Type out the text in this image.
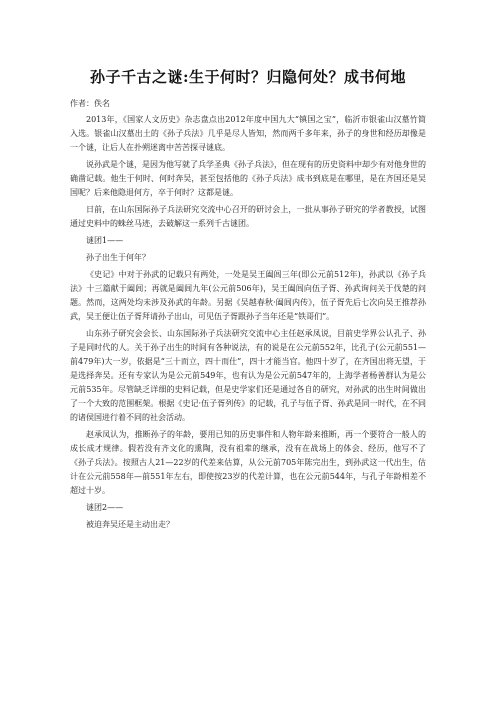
孙子千古之谜:生于何时？归隐何处？成书何地
作者：佚名

2013年，《国家人文历史》杂志盘点出2012年度中国九大“镇国之宝”，临沂市银雀山汉墓竹简入选。银雀山汉墓出土的《孙子兵法》几乎是尽人皆知，然而两千多年来，孙子的身世和经历却像是一个谜，让后人在扑朔迷离中苦苦探寻谜底。

说孙武是个谜，是因为他写就了兵学圣典《孙子兵法》，但在现有的历史资料中却少有对他身世的确凿记载。他生于何时、何时奔吴，甚至包括他的《孙子兵法》成书到底是在哪里，是在齐国还是吴国呢？后来他隐退何方，卒于何时？这都是谜。

日前，在山东国际孙子兵法研究交流中心召开的研讨会上，一批从事孙子研究的学者教授，试图通过史料中的蛛丝马迹，去破解这一系列千古谜团。

谜团1——

孙子出生于何年？

《史记》中对于孙武的记载只有两处，一处是吴王阖闾三年(即公元前512年)，孙武以《孙子兵法》十三篇献于阖闾；再就是阖闾九年(公元前506年)，吴王阖闾向伍子胥、孙武询问关于伐楚的问题。然而，这两处均未涉及孙武的年龄。另据《吴越春秋·阖闾内传》，伍子胥先后七次向吴王推荐孙武，吴王便让伍子胥拜请孙子出山，可见伍子胥跟孙子当年还是“铁哥们”。

山东孙子研究会会长、山东国际孙子兵法研究交流中心主任赵承凤说，目前史学界公认孔子、孙子是同时代的人。关于孙子出生的时间有各种说法，有的说是在公元前552年，比孔子(公元前551—前479年)大一岁，依据是“三十而立，四十而仕”，四十才能当官。他四十岁了，在齐国出将无望，于是选择奔吴。还有专家认为是公元前549年，也有认为是公元前547年的，上海学者杨善群认为是公元前535年。尽管缺乏详细的史料记载，但是史学家们还是通过各自的研究，对孙武的出生时间做出了一个大致的范围框架。根据《史记·伍子胥列传》的记载，孔子与伍子胥、孙武是同一时代，在不同的诸侯国进行着不同的社会活动。

赵承凤认为，推断孙子的年龄，要用已知的历史事件和人物年龄来推断，再一个要符合一般人的成长成才规律。假若没有齐文化的熏陶，没有祖辈的继承，没有在战场上的体会、经历，他写不了《孙子兵法》。按照古人21—22岁的代差来估算，从公元前705年陈完出生，到孙武这一代出生，估计在公元前558年—前551年左右，即使按23岁的代差计算，也在公元前544年，与孔子年龄相差不超过十岁。

谜团2——

被迫奔吴还是主动出走？
